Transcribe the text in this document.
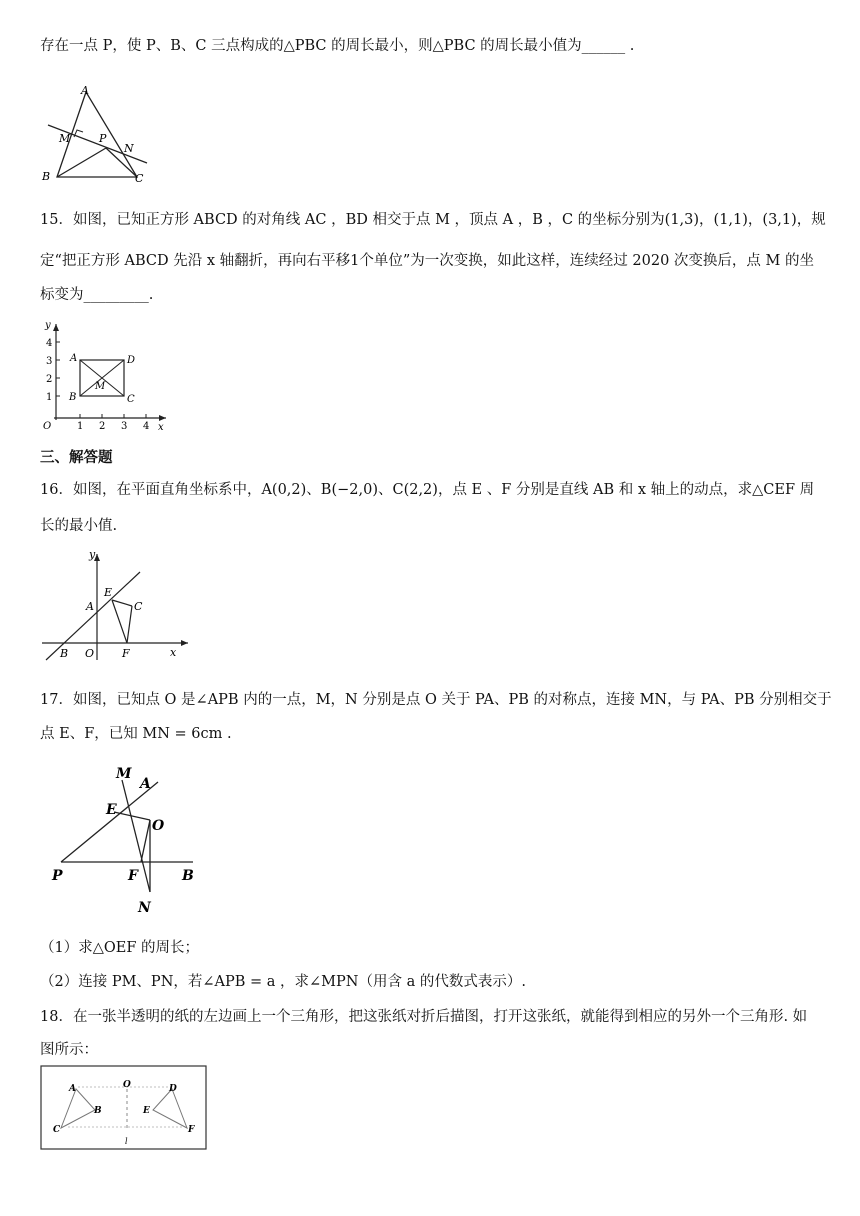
存在一点 P，使 P、B、C 三点构成的△PBC 的周长最小，则△PBC 的周长最小值为______ .
A
M	P
N
B	C
15．如图，已知正方形 ABCD 的对角线 AC ，BD 相交于点 M ，顶点 A ，B ，C 的坐标分别为(1,3)，(1,1)，(3,1)，规
定“把正方形 ABCD 先沿 x 轴翻折，再向右平移1个单位”为一次变换，如此这样，连续经过 2020 次变换后，点 M 的坐
标变为_________.
y
x
O
4
3
2
1
1 2 3 4
A	D
M
B	C
三、解答题
16．如图，在平面直角坐标系中，A(0,2)、B(−2,0)、C(2,2)，点 E 、F 分别是直线 AB 和 x 轴上的动点，求△CEF 周
长的最小值.
y
x
E
A	C
B O	F
17．如图，已知点 O 是∠APB 内的一点，M，N 分别是点 O 关于 PA、PB 的对称点，连接 MN，与 PA、PB 分别相交于
点 E、F，已知 MN = 6cm .
M
A
E
O
P	F	B
N
（1）求△OEF 的周长；
（2）连接 PM、PN，若∠APB = a ，求∠MPN（用含 a 的代数式表示）.
18．在一张半透明的纸的左边画上一个三角形，把这张纸对折后描图，打开这张纸，就能得到相应的另外一个三角形. 如
图所示：
A	O	D
B	E
C	F
l
